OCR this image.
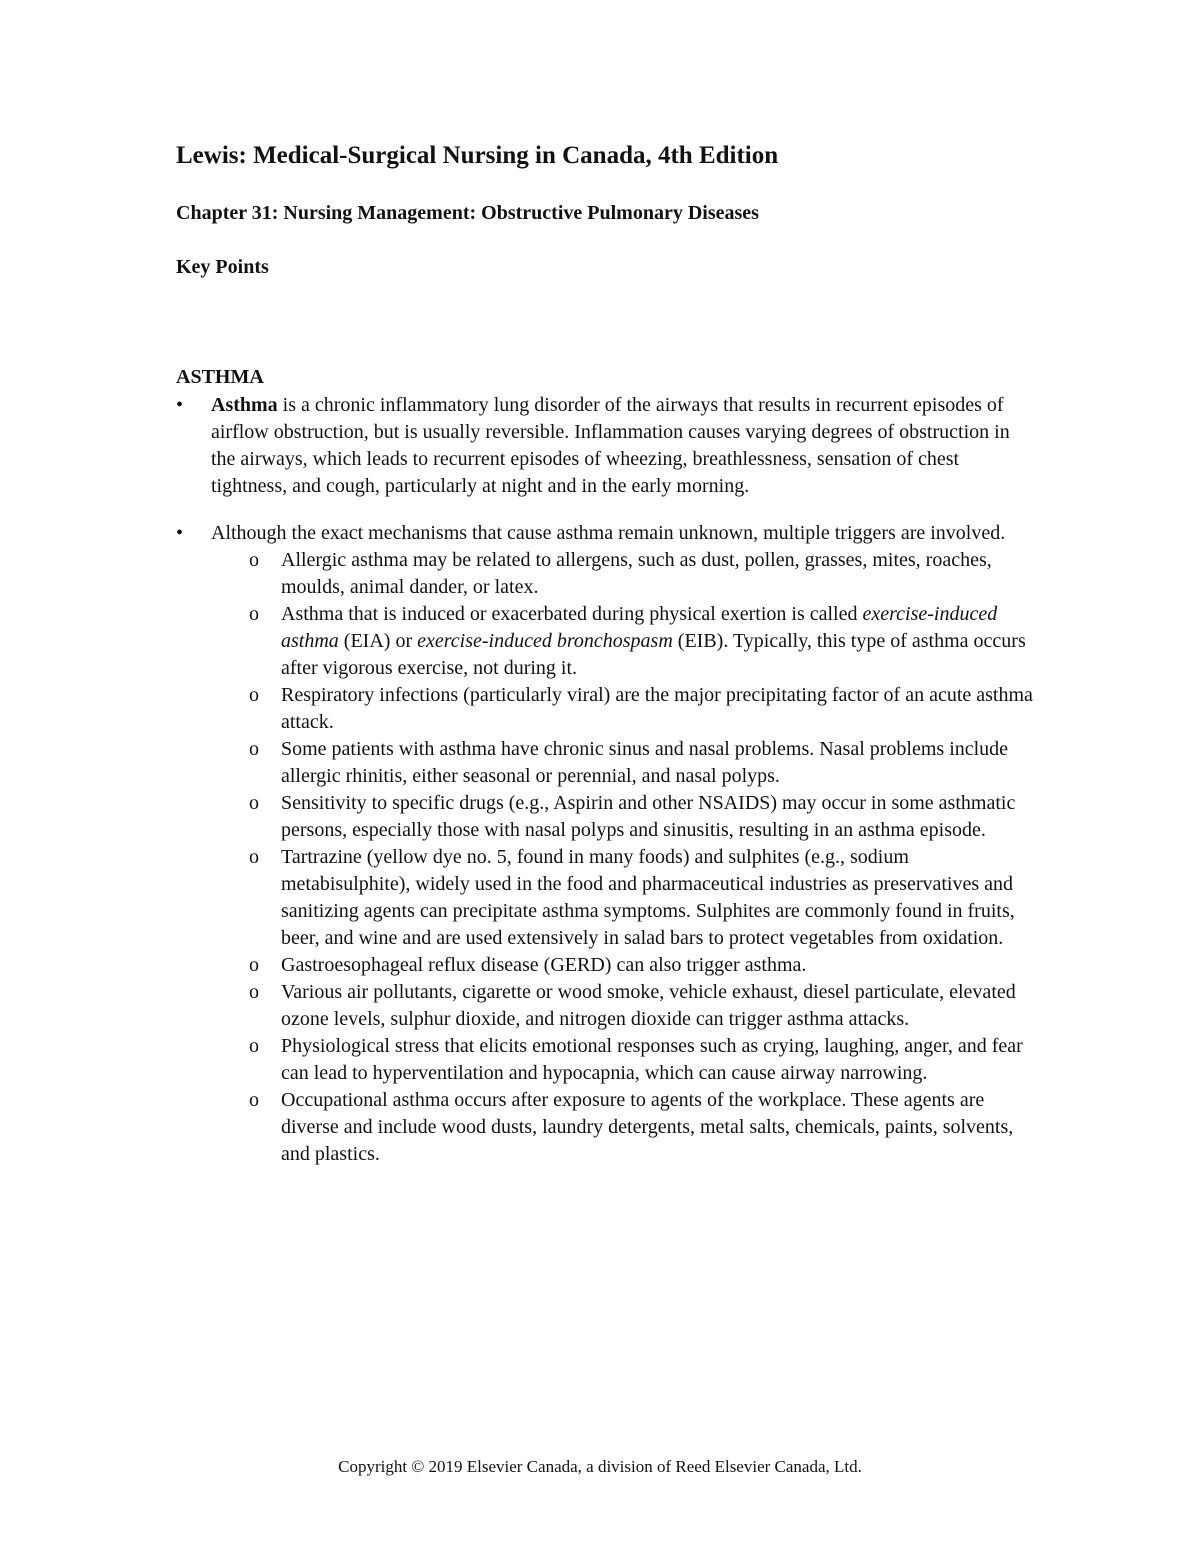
Lewis: Medical-Surgical Nursing in Canada, 4th Edition
Chapter 31: Nursing Management: Obstructive Pulmonary Diseases
Key Points
ASTHMA
•	Asthma is a chronic inflammatory lung disorder of the airways that results in recurrent episodes of airflow obstruction, but is usually reversible. Inflammation causes varying degrees of obstruction in the airways, which leads to recurrent episodes of wheezing, breathlessness, sensation of chest tightness, and cough, particularly at night and in the early morning.
•	Although the exact mechanisms that cause asthma remain unknown, multiple triggers are involved.
o Allergic asthma may be related to allergens, such as dust, pollen, grasses, mites, roaches, moulds, animal dander, or latex.
o Asthma that is induced or exacerbated during physical exertion is called exercise-induced asthma (EIA) or exercise-induced bronchospasm (EIB). Typically, this type of asthma occurs after vigorous exercise, not during it.
o Respiratory infections (particularly viral) are the major precipitating factor of an acute asthma attack.
o Some patients with asthma have chronic sinus and nasal problems. Nasal problems include allergic rhinitis, either seasonal or perennial, and nasal polyps.
o Sensitivity to specific drugs (e.g., Aspirin and other NSAIDS) may occur in some asthmatic persons, especially those with nasal polyps and sinusitis, resulting in an asthma episode.
o Tartrazine (yellow dye no. 5, found in many foods) and sulphites (e.g., sodium metabisulphite), widely used in the food and pharmaceutical industries as preservatives and sanitizing agents can precipitate asthma symptoms. Sulphites are commonly found in fruits, beer, and wine and are used extensively in salad bars to protect vegetables from oxidation.
o Gastroesophageal reflux disease (GERD) can also trigger asthma.
o Various air pollutants, cigarette or wood smoke, vehicle exhaust, diesel particulate, elevated ozone levels, sulphur dioxide, and nitrogen dioxide can trigger asthma attacks.
o Physiological stress that elicits emotional responses such as crying, laughing, anger, and fear can lead to hyperventilation and hypocapnia, which can cause airway narrowing.
o Occupational asthma occurs after exposure to agents of the workplace. These agents are diverse and include wood dusts, laundry detergents, metal salts, chemicals, paints, solvents, and plastics.
Copyright © 2019 Elsevier Canada, a division of Reed Elsevier Canada, Ltd.
